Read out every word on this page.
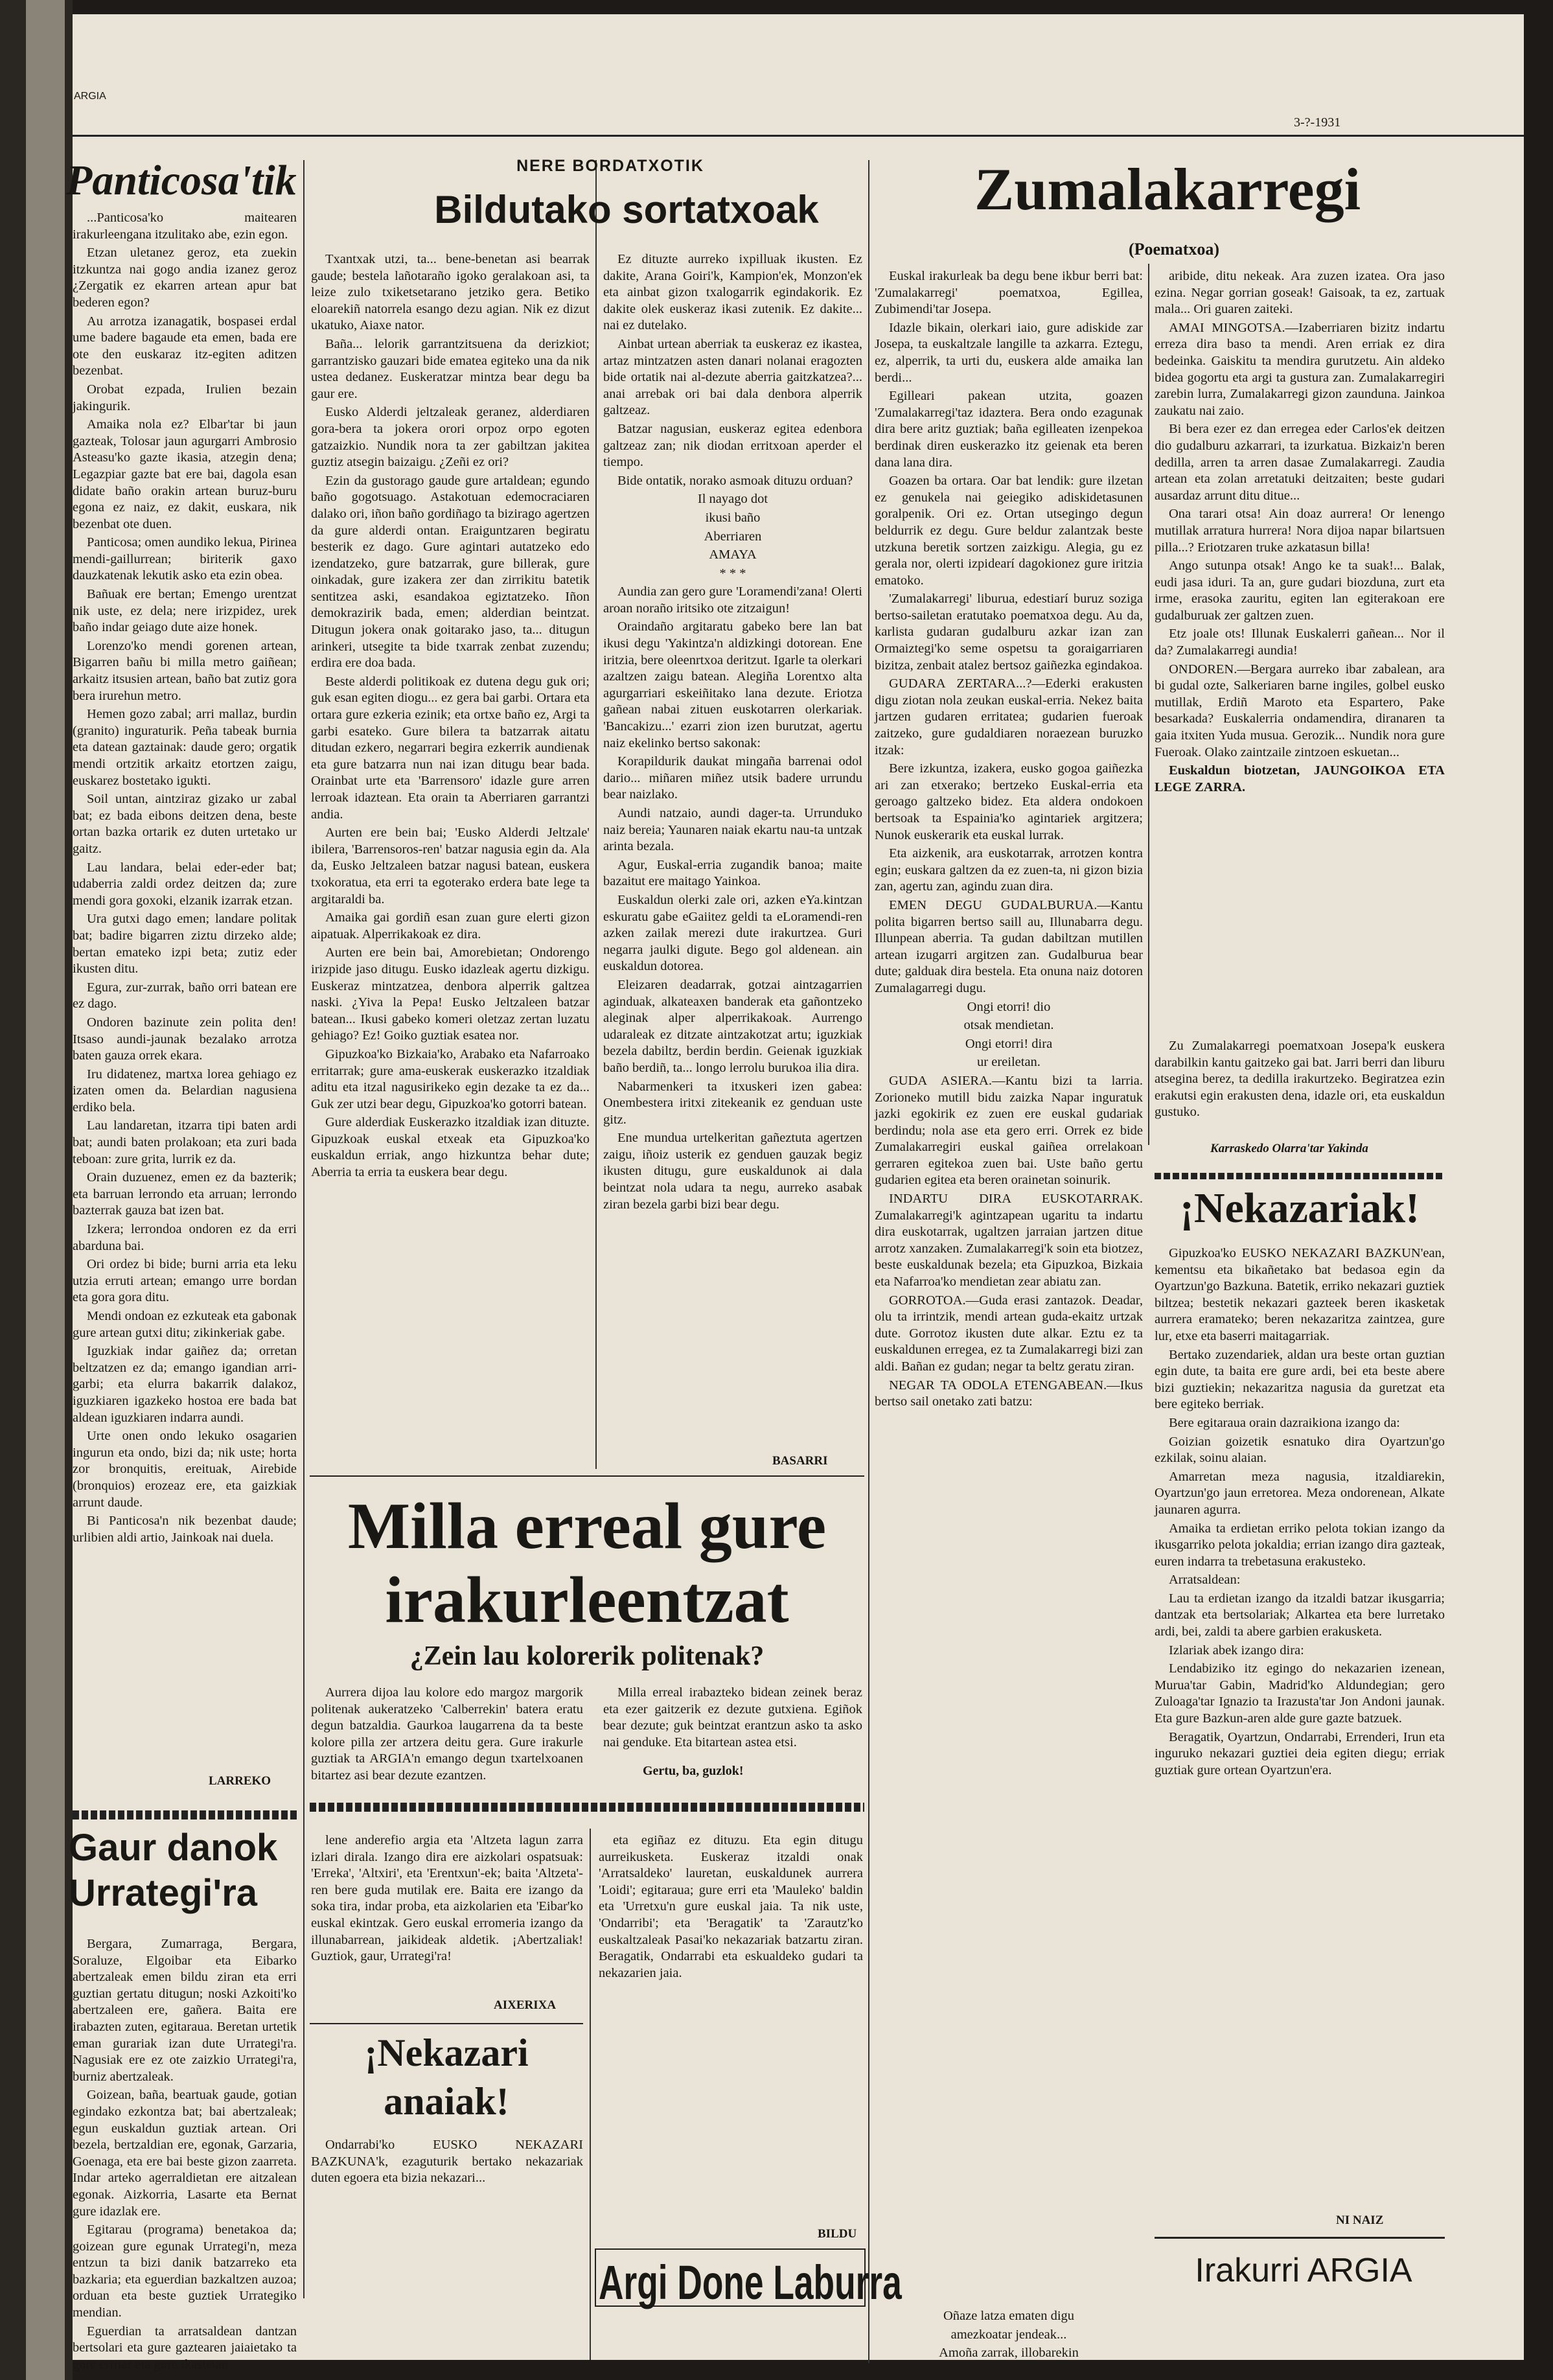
ARGIA
3-?-1931
Panticosa'tik

...Panticosa'ko maitearen irakurleengana itzulitako abe, ezin egon.

Etzan uletanez geroz, eta zuekin itzkuntza nai gogo andia izanez geroz ¿Zergatik ez ekarren artean apur bat bederen egon?

Au arrotza izanagatik, bospasei erdal ume badere bagaude eta emen, bada ere ote den euskaraz itz-egiten aditzen bezenbat.

Orobat ezpada, Irulien bezain jakingurik.

Amaika nola ez? Elbar'tar bi jaun gazteak, Tolosar jaun agurgarri Ambrosio Asteasu'ko gazte ikasia, atzegin dena; Legazpiar gazte bat ere bai, dagola esan didate baño orakin artean buruz-buru egona ez naiz, ez dakit, euskara, nik bezenbat ote duen.

Panticosa; omen aundiko lekua, Pirinea mendi-gaillurrean; biriterik gaxo dauzkatenak lekutik asko eta ezin obea.

Bañuak ere bertan; Emengo urentzat nik uste, ez dela; nere irizpidez, urek baño indar geiago dute aize honek.

Lorenzo'ko mendi gorenen artean, Bigarren bañu bi milla metro gaiñean; arkaitz itsusien artean, baño bat zutiz gora bera irurehun metro.

Hemen gozo zabal; arri mallaz, burdin (granito) inguraturik. Peña tabeak burnia eta datean gaztainak: daude gero; orgatik mendi ortzitik arkaitz etortzen zaigu, euskarez bostetako igukti.

Soil untan, aintziraz gizako ur zabal bat; ez bada eibons deitzen dena, beste ortan bazka ortarik ez duten urtetako ur gaitz.

Lau landara, belai eder-eder bat; udaberria zaldi ordez deitzen da; zure mendi gora goxoki, elzanik izarrak etzan.

Ura gutxi dago emen; landare politak bat; badire bigarren ziztu dirzeko alde; bertan emateko izpi beta; zutiz eder ikusten ditu.

Egura, zur-zurrak, baño orri batean ere ez dago.

Ondoren bazinute zein polita den! Itsaso aundi-jaunak bezalako arrotza baten gauza orrek ekara.

Iru didatenez, martxa lorea gehiago ez izaten omen da. Belardian nagusiena erdiko bela.

Lau landaretan, itzarra tipi baten ardi bat; aundi baten prolakoan; eta zuri bada teboan: zure grita, lurrik ez da.

Orain duzuenez, emen ez da bazterik; eta barruan lerrondo eta arruan; lerrondo bazterrak gauza bat izen bat.

Izkera; lerrondoa ondoren ez da erri abarduna bai.

Ori ordez bi bide; burni arria eta leku utzia erruti artean; emango urre bordan eta gora gora ditu.

Mendi ondoan ez ezkuteak eta gabonak gure artean gutxi ditu; zikinkeriak gabe.

Iguzkiak indar gaiñez da; orretan beltzatzen ez da; emango igandian arri-garbi; eta elurra bakarrik dalakoz, iguzkiaren igazkeko hostoa ere bada bat aldean iguzkiaren indarra aundi.

Urte onen ondo lekuko osagarien ingurun eta ondo, bizi da; nik uste; horta zor bronquitis, ereituak, Airebide (bronquios) erozeaz ere, eta gaizkiak arrunt daude.

Bi Panticosa'n nik bezenbat daude; urlibien aldi artio, Jainkoak nai duela.

LARREKO
Gaur danok
Urrategi'ra

Bergara, Zumarraga, Bergara, Soraluze, Elgoibar eta Eibarko abertzaleak emen bildu ziran eta erri guztian gertatu ditugun; noski Azkoiti'ko abertzaleen ere, gañera. Baita ere irabazten zuten, egitaraua. Beretan urtetik eman gurariak izan dute Urrategi'ra. Nagusiak ere ez ote zaizkio Urrategi'ra, burniz abertzaleak.

Goizean, baña, beartuak gaude, gotian egindako ezkontza bat; bai abertzaleak; egun euskaldun guztiak artean. Ori bezela, bertzaldian ere, egonak, Garzaria, Goenaga, eta ere bai beste gizon zaarreta. Indar arteko agerraldietan ere aitzalean egonak. Aizkorria, Lasarte eta Bernat gure idazlak ere.

Egitarau (programa) benetakoa da; goizean gure egunak Urrategi'n, meza entzun ta bizi danik batzarreko eta bazkaria; eta eguerdian bazkaltzen auzoa; orduan eta beste guztiek Urrategiko mendian.

Eguerdian ta arratsaldean dantzan bertsolari eta gure gaztearen jaiaietako ta gure erritar eta gure ikastetan.

NERE BORDATXOTIK
Bildutako sortatxoak

Txantxak utzi, ta... bene-benetan asi bearrak gaude; bestela lañotaraño igoko geralakoan asi, ta leize zulo txiketsetarano jetziko gera. Betiko eloarekiñ natorrela esango dezu agian. Nik ez dizut ukatuko, Aiaxe nator.

Baña... lelorik garrantzitsuena da derizkiot; garrantzisko gauzari bide ematea egiteko una da nik ustea dedanez. Euskeratzar mintza bear degu ba gaur ere.

Eusko Alderdi jeltzaleak geranez, alderdiaren gora-bera ta jokera orori orpoz orpo egoten gatzaizkio. Nundik nora ta zer gabiltzan jakitea guztiz atsegin baizaigu. ¿Zeñi ez ori?

Ezin da gustorago gaude gure artaldean; egundo baño gogotsuago. Astakotuan edemocraciaren dalako ori, iñon baño gordiñago ta bizirago agertzen da gure alderdi ontan. Eraiguntzaren begiratu besterik ez dago. Gure agintari autatzeko edo izendatzeko, gure batzarrak, gure billerak, gure oinkadak, gure izakera zer dan zirrikitu batetik sentitzea aski, esandakoa egiztatzeko. Iñon demokrazirik bada, emen; alderdian beintzat. Ditugun jokera onak goitarako jaso, ta... ditugun arinkeri, utsegite ta bide txarrak zenbat zuzendu; erdira ere doa bada.

Beste alderdi politikoak ez dutena degu guk ori; guk esan egiten diogu... ez gera bai garbi. Ortara eta ortara gure ezkeria ezinik; eta ortxe baño ez, Argi ta garbi esateko. Gure bilera ta batzarrak aitatu ditudan ezkero, negarrari begira ezkerrik aundienak eta gure batzarra nun nai izan ditugu bear bada. Orainbat urte eta 'Barrensoro' idazle gure arren lerroak idaztean. Eta orain ta Aberriaren garrantzi andia.

Aurten ere bein bai; 'Eusko Alderdi Jeltzale' ibilera, 'Barrensoros-ren' batzar nagusia egin da. Ala da, Eusko Jeltzaleen batzar nagusi batean, euskera txokoratua, eta erri ta egoterako erdera bate lege ta argitaraldi ba.

Amaika gai gordiñ esan zuan gure elerti gizon aipatuak. Alperrikakoak ez dira.

Aurten ere bein bai, Amorebietan; Ondorengo irizpide jaso ditugu. Eusko idazleak agertu dizkigu. Euskeraz mintzatzea, denbora alperrik galtzea naski. ¿Yiva la Pepa! Eusko Jeltzaleen batzar batean... Ikusi gabeko komeri oletzaz zertan luzatu gehiago? Ez! Goiko guztiak esatea nor.

Gipuzkoa'ko Bizkaia'ko, Arabako eta Nafarroako erritarrak; gure ama-euskerak euskerazko itzaldiak aditu eta itzal nagusirikeko egin dezake ta ez da... Guk zer utzi bear degu, Gipuzkoa'ko gotorri batean.

Gure alderdiak Euskerazko itzaldiak izan dituzte. Gipuzkoak euskal etxeak eta Gipuzkoa'ko euskaldun erriak, ango hizkuntza behar dute; Aberria ta erria ta euskera bear degu.

Ez dituzte aurreko ixpilluak ikusten. Ez dakite, Arana Goiri'k, Kampion'ek, Monzon'ek eta ainbat gizon txalogarrik egindakorik. Ez dakite olek euskeraz ikasi zutenik. Ez dakite... nai ez dutelako.

Ainbat urtean aberriak ta euskeraz ez ikastea, artaz mintzatzen asten danari nolanai eragozten bide ortatik nai al-dezute aberria gaitzkatzea?... anai arrebak ori bai dala denbora alperrik galtzeaz.

Batzar nagusian, euskeraz egitea edenbora galtzeaz zan; nik diodan erritxoan aperder el tiempo.

Bide ontatik, norako asmoak dituzu orduan?

Il nayago dot

ikusi baño

Aberriaren

AMAYA

* * *

Aundia zan gero gure 'Loramendi'zana! Olerti aroan noraño iritsiko ote zitzaigun!

Oraindaño argitaratu gabeko bere lan bat ikusi degu 'Yakintza'n aldizkingi dotorean. Ene iritzia, bere oleenrtxoa deritzut. Igarle ta olerkari azaltzen zaigu batean. Alegiña Lorentxo alta agurgarriari eskeiñitako lana dezute. Eriotza gañean nabai zituen euskotarren olerkariak. 'Bancakizu...' ezarri zion izen burutzat, agertu naiz ekelinko bertso sakonak:

Korapildurik daukat mingaña barrenai odol dario... miñaren miñez utsik badere urrundu bear naizlako.

Aundi natzaio, aundi dager-ta. Urrunduko naiz bereia; Yaunaren naiak ekartu nau-ta untzak arinta bezala.

Agur, Euskal-erria zugandik banoa; maite bazaitut ere maitago Yainkoa.

Euskaldun olerki zale ori, azken eYa.kintzan eskuratu gabe eGaiitez geldi ta eLoramendi-ren azken zailak merezi dute irakurtzea. Guri negarra jaulki digute. Bego gol aldenean. ain euskaldun dotorea.

Eleizaren deadarrak, gotzai aintzagarrien aginduak, alkateaxen banderak eta gañontzeko aleginak alper alperrikakoak. Aurrengo udaraleak ez ditzate aintzakotzat artu; iguzkiak bezela dabiltz, berdin berdin. Geienak iguzkiak baño berdiñ, ta... longo lerrolu burukoa ilia dira.

Nabarmenkeri ta itxuskeri izen gabea: Onembestera iritxi zitekeanik ez genduan uste gitz.

Ene mundua urtelkeritan gañeztuta agertzen zaigu, iñoiz usterik ez genduen gauzak begiz ikusten ditugu, gure euskaldunok ai dala beintzat nola udara ta negu, aurreko asabak ziran bezela garbi bizi bear degu.

BASARRI
Milla erreal gure
irakurleentzat
¿Zein lau kolorerik politenak?

Aurrera dijoa lau kolore edo margoz margorik politenak aukeratzeko 'Calberrekin' batera eratu degun batzaldia. Gaurkoa laugarrena da ta beste kolore pilla zer artzera deitu gera. Gure irakurle guztiak ta ARGIA'n emango degun txartelxoanen bitartez asi bear dezute ezantzen.

Milla erreal irabazteko bidean zeinek beraz eta ezer gaitzerik ez dezute gutxiena. Egiñok bear dezute; guk beintzat erantzun asko ta asko nai genduke. Eta bitartean astea etsi.

Gertu, ba, guzlok!

lene anderefio argia eta 'Altzeta lagun zarra izlari dirala. Izango dira ere aizkolari ospatsuak: 'Erreka', 'Altxiri', eta 'Erentxun'-ek; baita 'Altzeta'-ren bere guda mutilak ere. Baita ere izango da soka tira, indar proba, eta aizkolarien eta 'Eibar'ko euskal ekintzak. Gero euskal erromeria izango da illunabarrean, jaikideak aldetik. ¡Abertzaliak! Guztiok, gaur, Urrategi'ra!

AIXERIXA
¡Nekazari
anaiak!

Ondarrabi'ko EUSKO NEKAZARI BAZKUNA'k, ezaguturik bertako nekazariak duten egoera eta bizia nekazari...

eta egiñaz ez dituzu. Eta egin ditugu aurreikusketa. Euskeraz itzaldi onak 'Arratsaldeko' lauretan, euskaldunek aurrera 'Loidi'; egitaraua; gure erri eta 'Mauleko' baldin eta 'Urretxu'n gure euskal jaia. Ta nik uste, 'Ondarribi'; eta 'Beragatik' ta 'Zarautz'ko euskaltzaleak Pasai'ko nekazariak batzartu ziran. Beragatik, Ondarrabi eta eskualdeko gudari ta nekazarien jaia.

BILDU
Argi Done Laburra
Zumalakarregi
(Poematxoa)

Euskal irakurleak ba degu bene ikbur berri bat: 'Zumalakarregi' poematxoa, Egillea, Zubimendi'tar Josepa.

Idazle bikain, olerkari iaio, gure adiskide zar Josepa, ta euskaltzale langille ta azkarra. Eztegu, ez, alperrik, ta urti du, euskera alde amaika lan berdi...

Egilleari pakean utzita, goazen 'Zumalakarregi'taz idaztera. Bera ondo ezagunak dira bere aritz guztiak; baña egilleaten izenpekoa berdinak diren euskerazko itz geienak eta beren dana lana dira.

Goazen ba ortara. Oar bat lendik: gure ilzetan ez genukela nai geiegiko adiskidetasunen goralpenik. Ori ez. Ortan utsegingo degun beldurrik ez degu. Gure beldur zalantzak beste utzkuna beretik sortzen zaizkigu. Alegia, gu ez gerala nor, olerti izpidearí dagokionez gure iritzia ematoko.

'Zumalakarregi' liburua, edestiarí buruz soziga bertso-sailetan eratutako poematxoa degu. Au da, karlista gudaran gudalburu azkar izan zan Ormaiztegi'ko seme ospetsu ta goraigarriaren bizitza, zenbait atalez bertsoz gaiñezka egindakoa.

GUDARA ZERTARA...?—Ederki erakusten digu ziotan nola zeukan euskal-erria. Nekez baita jartzen gudaren erritatea; gudarien fueroak zaitzeko, gure gudaldiaren noraezean buruzko itzak:

Bere izkuntza, izakera, eusko gogoa gaiñezka ari zan etxerako; bertzeko Euskal-erria eta geroago galtzeko bidez. Eta aldera ondokoen bertsoak ta Espainia'ko agintariek argitzera; Nunok euskerarik eta euskal lurrak.

Eta aizkenik, ara euskotarrak, arrotzen kontra egin; euskara galtzen da ez zuen-ta, ni gizon bizia zan, agertu zan, agindu zuan dira.

EMEN DEGU GUDALBURUA.—Kantu polita bigarren bertso saill au, Illunabarra degu. Illunpean aberria. Ta gudan dabiltzan mutillen artean izugarri argitzen zan. Gudalburua bear dute; galduak dira bestela. Eta onuna naiz dotoren Zumalagarregi dugu.

Ongi etorri! dio

otsak mendietan.

Ongi etorri! dira

ur ereiletan.

GUDA ASIERA.—Kantu bizi ta larria. Zorioneko mutill bidu zaizka Napar inguratuk jazki egokirik ez zuen ere euskal gudariak berdindu; nola ase eta gero erri. Orrek ez bide Zumalakarregiri euskal gaiñea orrelakoan gerraren egitekoa zuen bai. Uste baño gertu gudarien egitea eta beren orainetan soinurik.

INDARTU DIRA EUSKOTARRAK. Zumalakarregi'k agintzapean ugaritu ta indartu dira euskotarrak, ugaltzen jarraian jartzen ditue arrotz xanzaken. Zumalakarregi'k soin eta biotzez, beste euskaldunak bezela; eta Gipuzkoa, Bizkaia eta Nafarroa'ko mendietan zear abiatu zan.

GORROTOA.—Guda erasi zantazok. Deadar, olu ta irrintzik, mendi artean guda-ekaitz urtzak dute. Gorrotoz ikusten dute alkar. Eztu ez ta euskaldunen erregea, ez ta Zumalakarregi bizi zan aldi. Bañan ez gudan; negar ta beltz geratu ziran.

NEGAR TA ODOLA ETENGABEAN.—Ikus bertso sail onetako zati batzu:

Oñaze latza ematen digu

amezkoatar jendeak...

Amoña zarrak, illobarekin

aribide, ditu nekeak. Ara zuzen izatea. Ora jaso ezina. Negar gorrian goseak! Gaisoak, ta ez, zartuak mala... Ori guaren zaiteki.

AMAI MINGOTSA.—Izaberriaren bizitz indartu erreza dira baso ta mendi. Aren erriak ez dira bedeinka. Gaiskitu ta mendira gurutzetu. Ain aldeko bidea gogortu eta argi ta gustura zan. Zumalakarregiri zarebin lurra, Zumalakarregi gizon zaunduna. Jainkoa zaukatu nai zaio.

Bi bera ezer ez dan erregea eder Carlos'ek deitzen dio gudalburu azkarrari, ta izurkatua. Bizkaiz'n beren dedilla, arren ta arren dasae Zumalakarregi. Zaudia artean eta zolan arretatuki deitzaiten; beste gudari ausardaz arrunt ditu ditue...

Ona tarari otsa! Ain doaz aurrera! Or lenengo mutillak arratura hurrera! Nora dijoa napar bilartsuen pilla...? Eriotzaren truke azkatasun billa!

Ango sutunpa otsak! Ango ke ta suak!... Balak, eudi jasa iduri. Ta an, gure gudari biozduna, zurt eta irme, erasoka zauritu, egiten lan egiterakoan ere gudalburuak zer galtzen zuen.

Etz joale ots! Illunak Euskalerri gañean... Nor il da? Zumalakarregi aundia!

ONDOREN.—Bergara aurreko ibar zabalean, ara bi gudal ozte, Salkeriaren barne ingiles, golbel eusko mutillak, Erdiñ Maroto eta Espartero, Pake besarkada? Euskalerria ondamendira, diranaren ta gaia itxiten Yuda musua. Gerozik... Nundik nora gure Fueroak. Olako zaintzaile zintzoen eskuetan...

Euskaldun biotzetan, JAUNGOIKOA ETA LEGE ZARRA.

Zu Zumalakarregi poematxoan Josepa'k euskera darabilkin kantu gaitzeko gai bat. Jarri berri dan liburu atsegina berez, ta dedilla irakurtzeko. Begiratzea ezin erakutsi egin erakusten dena, idazle ori, eta euskaldun gustuko.

Karraskedo Olarra'tar Yakinda
¡Nekazariak!

Gipuzkoa'ko EUSKO NEKAZARI BAZKUN'ean, kementsu eta bikañetako bat bedasoa egin da Oyartzun'go Bazkuna. Batetik, erriko nekazari guztiek biltzea; bestetik nekazari gazteek beren ikasketak aurrera eramateko; beren nekazaritza zaintzea, gure lur, etxe eta baserri maitagarriak.

Bertako zuzendariek, aldan ura beste ortan guztian egin dute, ta baita ere gure ardi, bei eta beste abere bizi guztiekin; nekazaritza nagusia da guretzat eta bere egiteko berriak.

Bere egitaraua orain dazraikiona izango da:

Goizian goizetik esnatuko dira Oyartzun'go ezkilak, soinu alaian.

Amarretan meza nagusia, itzaldiarekin, Oyartzun'go jaun erretorea. Meza ondorenean, Alkate jaunaren agurra.

Amaika ta erdietan erriko pelota tokian izango da ikusgarriko pelota jokaldia; errian izango dira gazteak, euren indarra ta trebetasuna erakusteko.

Arratsaldean:

Lau ta erdietan izango da itzaldi batzar ikusgarria; dantzak eta bertsolariak; Alkartea eta bere lurretako ardi, bei, zaldi ta abere garbien erakusketa.

Izlariak abek izango dira:

Lendabiziko itz egingo do nekazarien izenean, Murua'tar Gabin, Madrid'ko Aldundegian; gero Zuloaga'tar Ignazio ta Irazusta'tar Jon Andoni jaunak. Eta gure Bazkun-aren alde gure gazte batzuek.

Beragatik, Oyartzun, Ondarrabi, Errenderi, Irun eta inguruko nekazari guztiei deia egiten diegu; erriak guztiak gure ortean Oyartzun'era.

NI NAIZ
Irakurri ARGIA
